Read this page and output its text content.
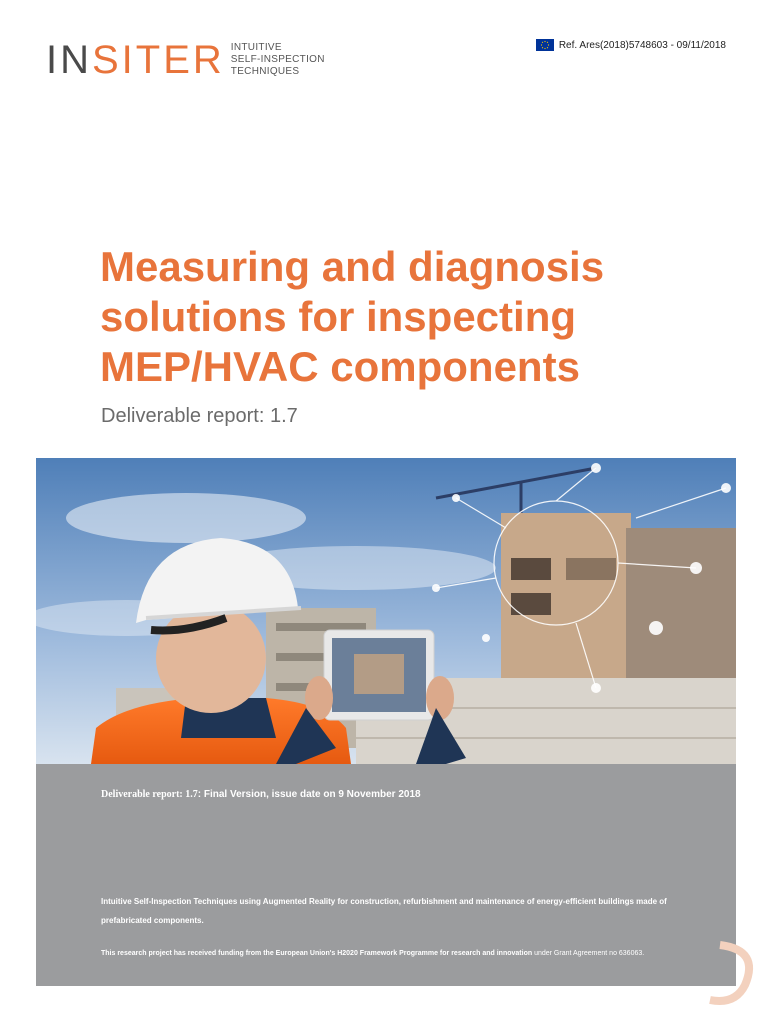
INSITER INTUITIVE
SELF-INSPECTION
TECHNIQUES
Ref. Ares(2018)5748603 - 09/11/2018
Measuring and diagnosis
solutions for inspecting
MEP/HVAC components
Deliverable report: 1.7
Deliverable report: 1.7: Final Version, issue date on 9 November 2018
Intuitive Self-Inspection Techniques using Augmented Reality for construction, refurbishment and maintenance of energy-efficient buildings made of prefabricated components.
This research project has received funding from the European Union's H2020 Framework Programme for research and innovation under Grant Agreement no 636063.
